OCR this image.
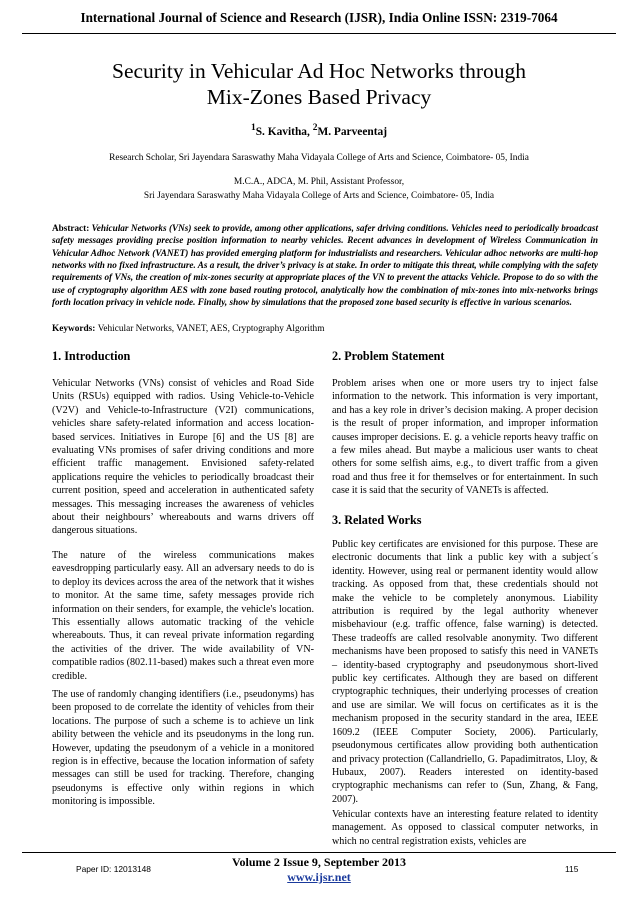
International Journal of Science and Research (IJSR), India Online ISSN: 2319-7064
Security in Vehicular Ad Hoc Networks through
Mix-Zones Based Privacy
$^1$S. Kavitha, $^2$M. Parveentaj
Research Scholar, Sri Jayendara Saraswathy Maha Vidayala College of Arts and Science, Coimbatore- 05, India
M.C.A., ADCA, M. Phil, Assistant Professor,
Sri Jayendara Saraswathy Maha Vidayala College of Arts and Science, Coimbatore- 05, India
Abstract: Vehicular Networks (VNs) seek to provide, among other applications, safer driving conditions. Vehicles need to periodically broadcast safety messages providing precise position information to nearby vehicles. Recent advances in development of Wireless Communication in Vehicular Adhoc Network (VANET) has provided emerging platform for industrialists and researchers. Vehicular adhoc networks are multi-hop networks with no fixed infrastructure. As a result, the driver’s privacy is at stake. In order to mitigate this threat, while complying with the safety requirements of VNs, the creation of mix-zones security at appropriate places of the VN to prevent the attacks Vehicle. Propose to do so with the use of cryptography algorithm AES with zone based routing protocol, analytically how the combination of mix-zones into mix-networks brings forth location privacy in vehicle node. Finally, show by simulations that the proposed zone based security is effective in various scenarios.
Keywords: Vehicular Networks, VANET, AES, Cryptography Algorithm
1. Introduction

Vehicular Networks (VNs) consist of vehicles and Road Side Units (RSUs) equipped with radios. Using Vehicle-to-Vehicle (V2V) and Vehicle-to-Infrastructure (V2I) communications, vehicles share safety-related information and access location-based services. Initiatives in Europe [6] and the US [8] are evaluating VNs promises of safer driving conditions and more efficient traffic management. Envisioned safety-related applications require the vehicles to periodically broadcast their current position, speed and acceleration in authenticated safety messages. This messaging increases the awareness of vehicles about their neighbours’ whereabouts and warns drivers off dangerous situations.

The nature of the wireless communications makes eavesdropping particularly easy. All an adversary needs to do is to deploy its devices across the area of the network that it wishes to monitor. At the same time, safety messages provide rich information on their senders, for example, the vehicle's location. This essentially allows automatic tracking of the vehicle whereabouts. Thus, it can reveal private information regarding the activities of the driver. The wide availability of VN-compatible radios (802.11-based) makes such a threat even more credible.

The use of randomly changing identifiers (i.e., pseudonyms) has been proposed to de correlate the identity of vehicles from their locations. The purpose of such a scheme is to achieve un link ability between the vehicle and its pseudonyms in the long run. However, updating the pseudonym of a vehicle in a monitored region is in effective, because the location information of safety messages can still be used for tracking. Therefore, changing pseudonyms is effective only within regions in which monitoring is impossible.

2. Problem Statement

Problem arises when one or more users try to inject false information to the network. This information is very important, and has a key role in driver’s decision making. A proper decision is the result of proper information, and improper information causes improper decisions. E. g. a vehicle reports heavy traffic on a few miles ahead. But maybe a malicious user wants to cheat others for some selfish aims, e.g., to divert traffic from a given road and thus free it for themselves or for entertainment. In such case it is said that the security of VANETs is affected.

3. Related Works

Public key certificates are envisioned for this purpose. These are electronic documents that link a public key with a subject´s identity. However, using real or permanent identity would allow tracking. As opposed from that, these credentials should not make the vehicle to be completely anonymous. Liability attribution is required by the legal authority whenever misbehaviour (e.g. traffic offence, false warning) is detected. These tradeoffs are called resolvable anonymity. Two different mechanisms have been proposed to satisfy this need in VANETs – identity-based cryptography and pseudonymous short-lived public key certificates. Although they are based on different cryptographic techniques, their underlying processes of creation and use are similar. We will focus on certificates as it is the mechanism proposed in the security standard in the area, IEEE 1609.2 (IEEE Computer Society, 2006). Particularly, pseudonymous certificates allow providing both authentication and privacy protection (Callandriello, G. Papadimitratos, Lloy, & Hubaux, 2007). Readers interested on identity-based cryptographic mechanisms can refer to (Sun, Zhang, & Fang, 2007).

Vehicular contexts have an interesting feature related to identity management. As opposed to classical computer networks, in which no central registration exists, vehicles are

Volume 2 Issue 9, September 2013
www.ijsr.net
Paper ID: 12013148	115
